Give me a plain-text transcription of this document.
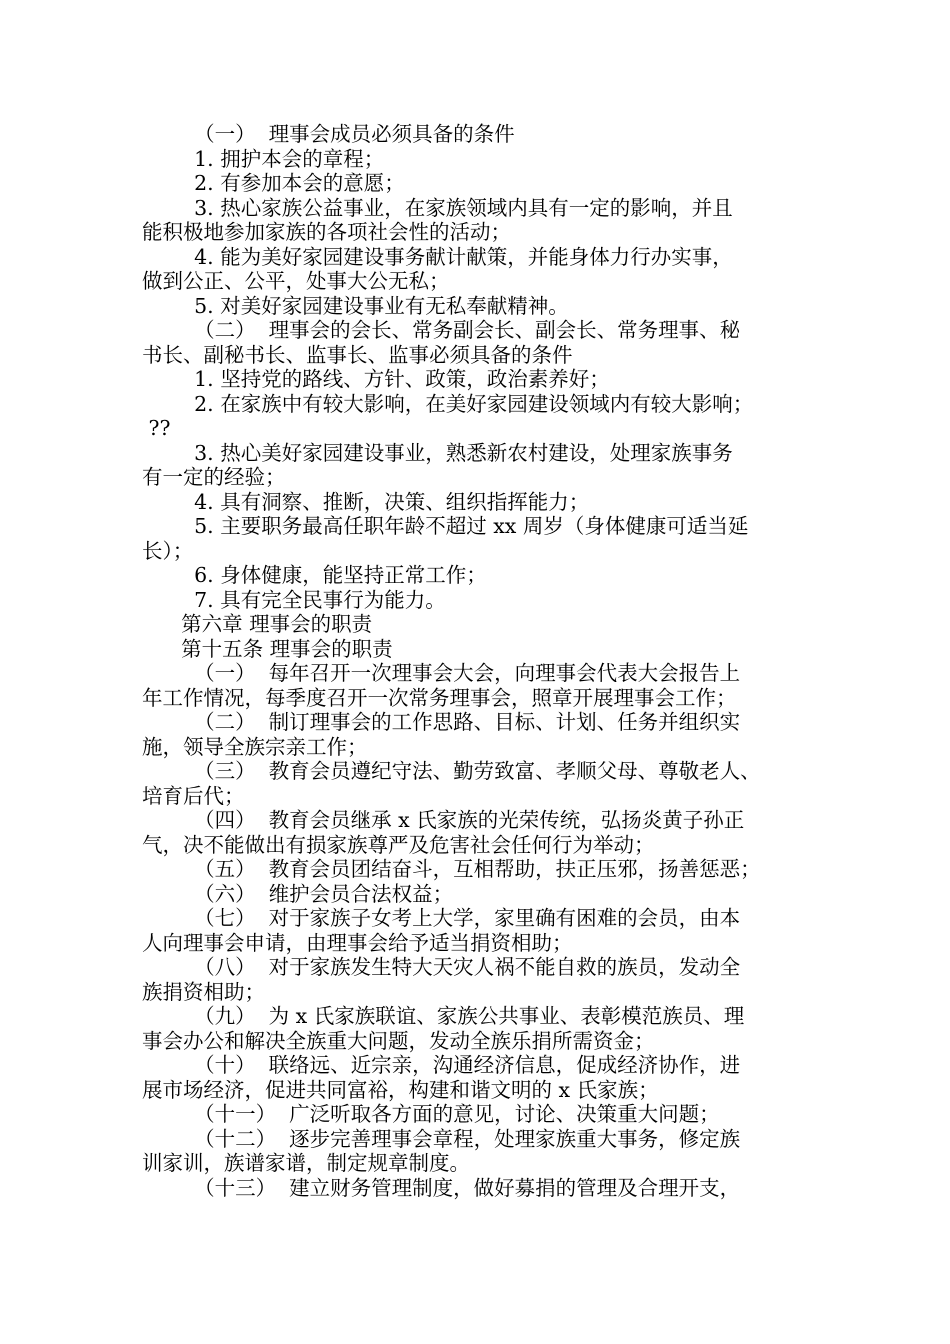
（一）  理事会成员必须具备的条件
1. 拥护本会的章程；
2. 有参加本会的意愿；
3. 热心家族公益事业，在家族领域内具有一定的影响，并且
能积极地参加家族的各项社会性的活动；
4. 能为美好家园建设事务献计献策，并能身体力行办实事，
做到公正、公平，处事大公无私；
5. 对美好家园建设事业有无私奉献精神。
（二）  理事会的会长、常务副会长、副会长、常务理事、秘
书长、副秘书长、监事长、监事必须具备的条件
1. 坚持党的路线、方针、政策，政治素养好；
2. 在家族中有较大影响，在美好家园建设领域内有较大影响；
??
3. 热心美好家园建设事业，熟悉新农村建设，处理家族事务
有一定的经验；
4. 具有洞察、推断，决策、组织指挥能力；
5. 主要职务最高任职年龄不超过 xx 周岁（身体健康可适当延
长）；
6. 身体健康，能坚持正常工作；
7. 具有完全民事行为能力。
第六章 理事会的职责
第十五条 理事会的职责
（一）  每年召开一次理事会大会，向理事会代表大会报告上
年工作情况，每季度召开一次常务理事会，照章开展理事会工作；
（二）  制订理事会的工作思路、目标、计划、任务并组织实
施，领导全族宗亲工作；
（三）  教育会员遵纪守法、勤劳致富、孝顺父母、尊敬老人、
培育后代；
（四）  教育会员继承 x 氏家族的光荣传统，弘扬炎黄子孙正
气，决不能做出有损家族尊严及危害社会任何行为举动；
（五）  教育会员团结奋斗，互相帮助，扶正压邪，扬善惩恶；
（六）  维护会员合法权益；
（七）  对于家族子女考上大学，家里确有困难的会员，由本
人向理事会申请，由理事会给予适当捐资相助；
（八）  对于家族发生特大天灾人祸不能自救的族员，发动全
族捐资相助；
（九）  为 x 氏家族联谊、家族公共事业、表彰模范族员、理
事会办公和解决全族重大问题，发动全族乐捐所需资金；
（十）  联络远、近宗亲，沟通经济信息，促成经济协作，进
展市场经济，促进共同富裕，构建和谐文明的 x 氏家族；
（十一）  广泛听取各方面的意见，讨论、决策重大问题；
（十二）  逐步完善理事会章程，处理家族重大事务，修定族
训家训，族谱家谱，制定规章制度。
（十三）  建立财务管理制度，做好募捐的管理及合理开支，
